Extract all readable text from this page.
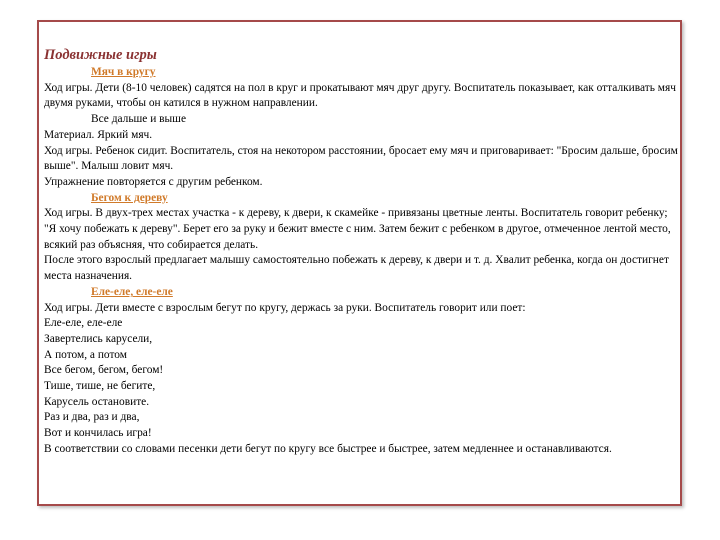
Подвижные игры

Мяч в кругу

Ход игры. Дети (8-10 человек) садятся на пол в круг и прокатывают мяч друг другу. Воспитатель показывает, как отталкивать мяч двумя руками, чтобы он катился в нужном направлении.

Все дальше и выше

Материал. Яркий мяч.

Ход игры. Ребенок сидит. Воспитатель, стоя на некотором расстоянии, бросает ему мяч и приговаривает: "Бросим дальше, бросим выше". Малыш ловит мяч.

Упражнение повторяется с другим ребенком.

Бегом к дереву

Ход игры. В двух-трех местах участка - к дереву, к двери, к скамейке - привязаны цветные ленты. Воспитатель говорит ребенку; "Я хочу побежать к дереву". Берет его за руку и бежит вместе с ним. Затем бежит с ребенком в другое, отмеченное лентой место, всякий раз объясняя, что собирается делать.

После этого взрослый предлагает малышу самостоятельно побежать к дереву, к двери и т. д. Хвалит ребенка, когда он достигнет места назначения.

Еле-еле, еле-еле

Ход игры. Дети вместе с взрослым бегут по кругу, держась за руки. Воспитатель говорит или поет:

Еле-еле, еле-еле

Завертелись карусели,

А потом, а потом

Все бегом, бегом, бегом!

Тише, тише, не бегите,

Карусель остановите.

Раз и два, раз и два,

Вот и кончилась игра!

В соответствии со словами песенки дети бегут по кругу все быстрее и быстрее, затем медленнее и останавливаются.
